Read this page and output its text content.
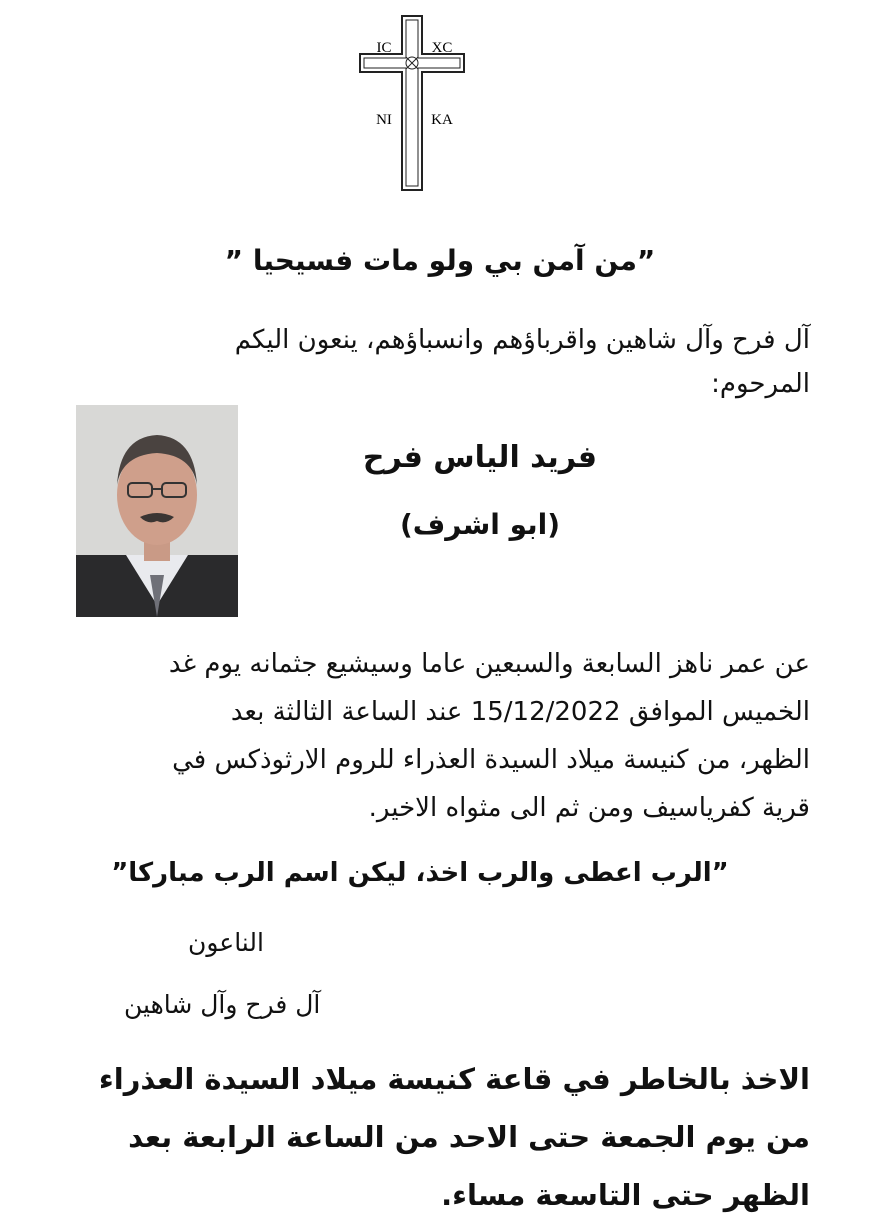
IC	XC
NI	KA
”من آمن بي ولو مات فسيحيا ”
آل فرح وآل شاهين واقرباؤهم وانسباؤهم، ينعون اليكم
المرحوم:
فريد الياس فرح
(ابو اشرف)
عن عمر ناهز السابعة والسبعين عاما وسيشيع جثمانه يوم غد
الخميس الموافق 15/12/2022 عند الساعة الثالثة بعد
الظهر، من كنيسة ميلاد السيدة العذراء للروم الارثوذكس في
قرية كفرياسيف ومن ثم الى مثواه الاخير.
”الرب اعطى والرب اخذ، ليكن اسم الرب مباركا”
الناعون
آل فرح وآل شاهين
الاخذ بالخاطر في قاعة كنيسة ميلاد السيدة العذراء
من يوم الجمعة حتى الاحد من الساعة الرابعة بعد
الظهر حتى التاسعة مساء.
